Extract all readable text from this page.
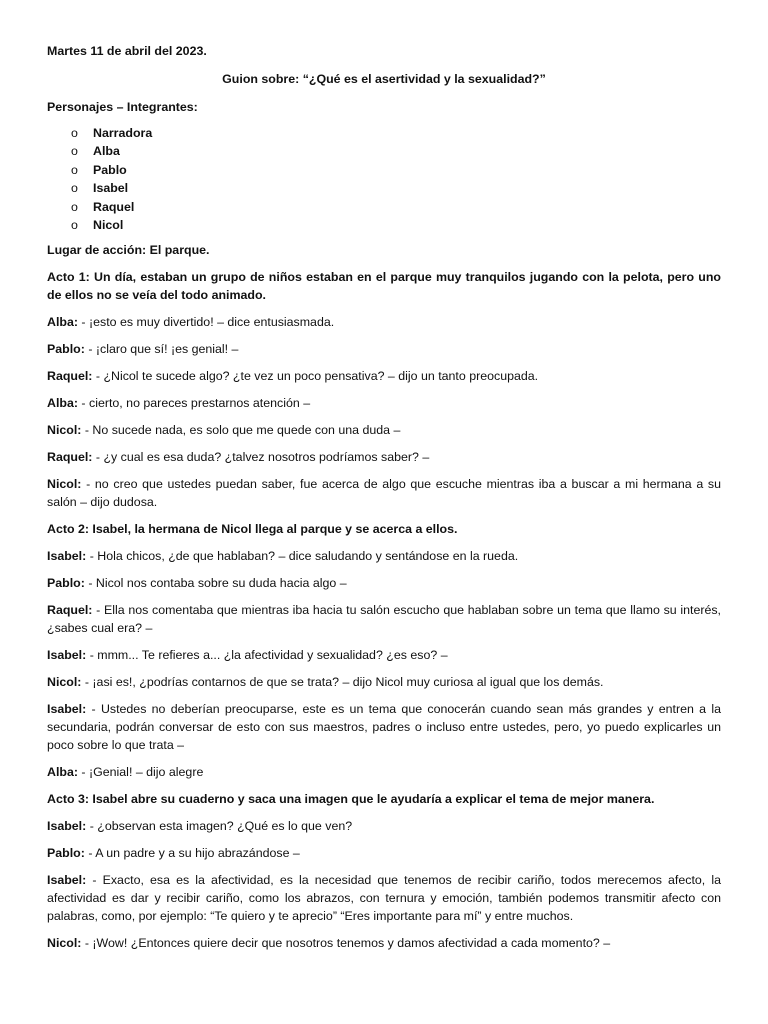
Martes 11 de abril del 2023.

Guion sobre: “¿Qué es el asertividad y la sexualidad?”

Personajes – Integrantes:

o Narradora
o Alba
o Pablo
o Isabel
o Raquel
o Nicol

Lugar de acción: El parque.

Acto 1: Un día, estaban un grupo de niños estaban en el parque muy tranquilos jugando con la pelota, pero uno de ellos no se veía del todo animado.

Alba: - ¡esto es muy divertido! – dice entusiasmada.

Pablo: - ¡claro que sí! ¡es genial! –

Raquel: - ¿Nicol te sucede algo? ¿te vez un poco pensativa? – dijo un tanto preocupada.

Alba: - cierto, no pareces prestarnos atención –

Nicol: - No sucede nada, es solo que me quede con una duda –

Raquel: - ¿y cual es esa duda? ¿talvez nosotros podríamos saber? –

Nicol: - no creo que ustedes puedan saber, fue acerca de algo que escuche mientras iba a buscar a mi hermana a su salón – dijo dudosa.

Acto 2: Isabel, la hermana de Nicol llega al parque y se acerca a ellos.

Isabel: - Hola chicos, ¿de que hablaban? – dice saludando y sentándose en la rueda.

Pablo: - Nicol nos contaba sobre su duda hacia algo –

Raquel: - Ella nos comentaba que mientras iba hacia tu salón escucho que hablaban sobre un tema que llamo su interés, ¿sabes cual era? –

Isabel: - mmm... Te refieres a... ¿la afectividad y sexualidad? ¿es eso? –

Nicol: - ¡asi es!, ¿podrías contarnos de que se trata? – dijo Nicol muy curiosa al igual que los demás.

Isabel: - Ustedes no deberían preocuparse, este es un tema que conocerán cuando sean más grandes y entren a la secundaria, podrán conversar de esto con sus maestros, padres o incluso entre ustedes, pero, yo puedo explicarles un poco sobre lo que trata –

Alba: - ¡Genial! – dijo alegre

Acto 3: Isabel abre su cuaderno y saca una imagen que le ayudaría a explicar el tema de mejor manera.

Isabel: - ¿observan esta imagen? ¿Qué es lo que ven?

Pablo: - A un padre y a su hijo abrazándose –

Isabel: - Exacto, esa es la afectividad, es la necesidad que tenemos de recibir cariño, todos merecemos afecto, la afectividad es dar y recibir cariño, como los abrazos, con ternura y emoción, también podemos transmitir afecto con palabras, como, por ejemplo: “Te quiero y te aprecio” “Eres importante para mí” y entre muchos.

Nicol: - ¡Wow! ¿Entonces quiere decir que nosotros tenemos y damos afectividad a cada momento? –
